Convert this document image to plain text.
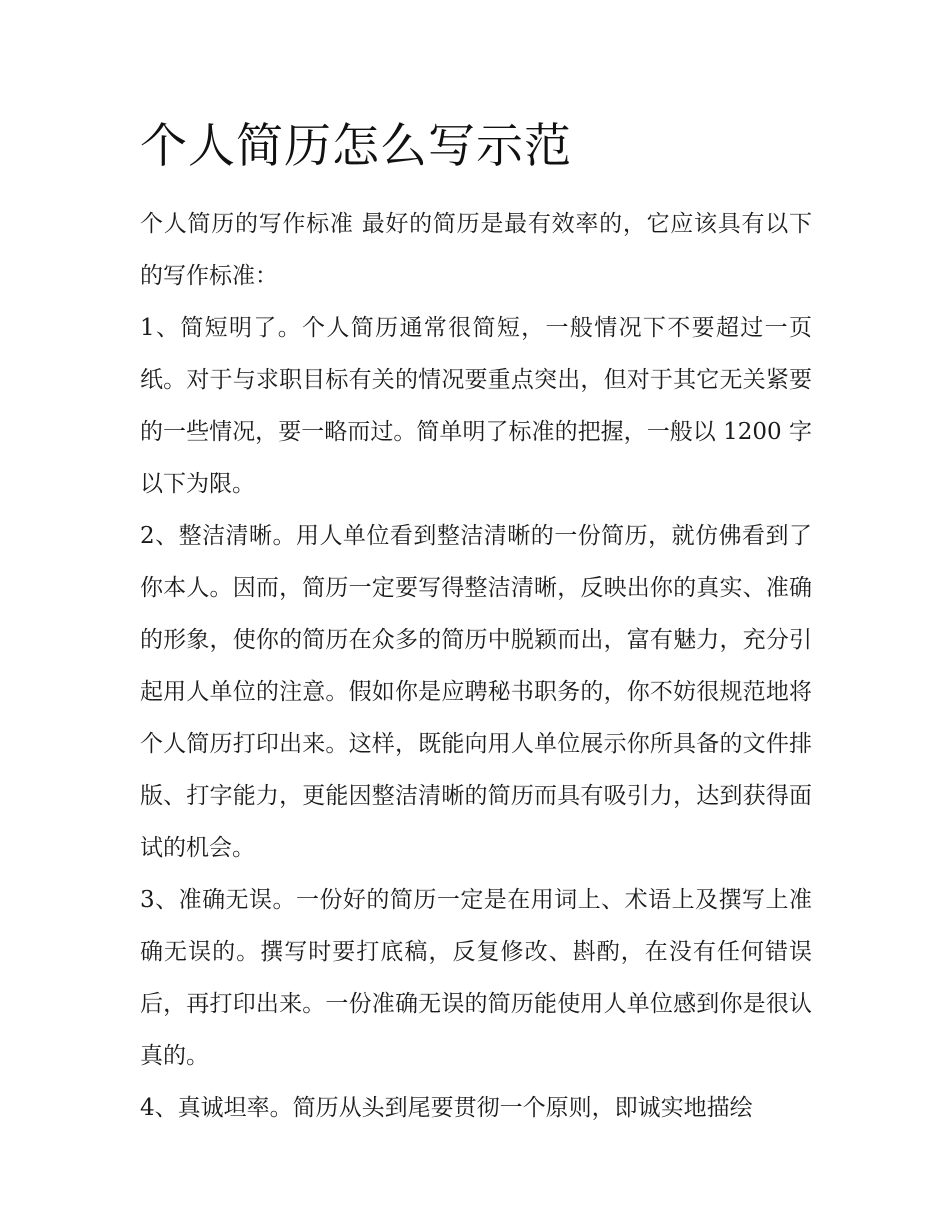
个人简历怎么写示范

个人简历的写作标准 最好的简历是最有效率的，它应该具有以下的写作标准：

1、简短明了。个人简历通常很简短，一般情况下不要超过一页纸。对于与求职目标有关的情况要重点突出，但对于其它无关紧要的一些情况，要一略而过。简单明了标准的把握，一般以 1200 字以下为限。

2、整洁清晰。用人单位看到整洁清晰的一份简历，就仿佛看到了你本人。因而，简历一定要写得整洁清晰，反映出你的真实、准确的形象，使你的简历在众多的简历中脱颖而出，富有魅力，充分引起用人单位的注意。假如你是应聘秘书职务的，你不妨很规范地将个人简历打印出来。这样，既能向用人单位展示你所具备的文件排版、打字能力，更能因整洁清晰的简历而具有吸引力，达到获得面试的机会。

3、准确无误。一份好的简历一定是在用词上、术语上及撰写上准确无误的。撰写时要打底稿，反复修改、斟酌，在没有任何错误后，再打印出来。一份准确无误的简历能使用人单位感到你是很认真的。

4、真诚坦率。简历从头到尾要贯彻一个原则，即诚实地描绘
